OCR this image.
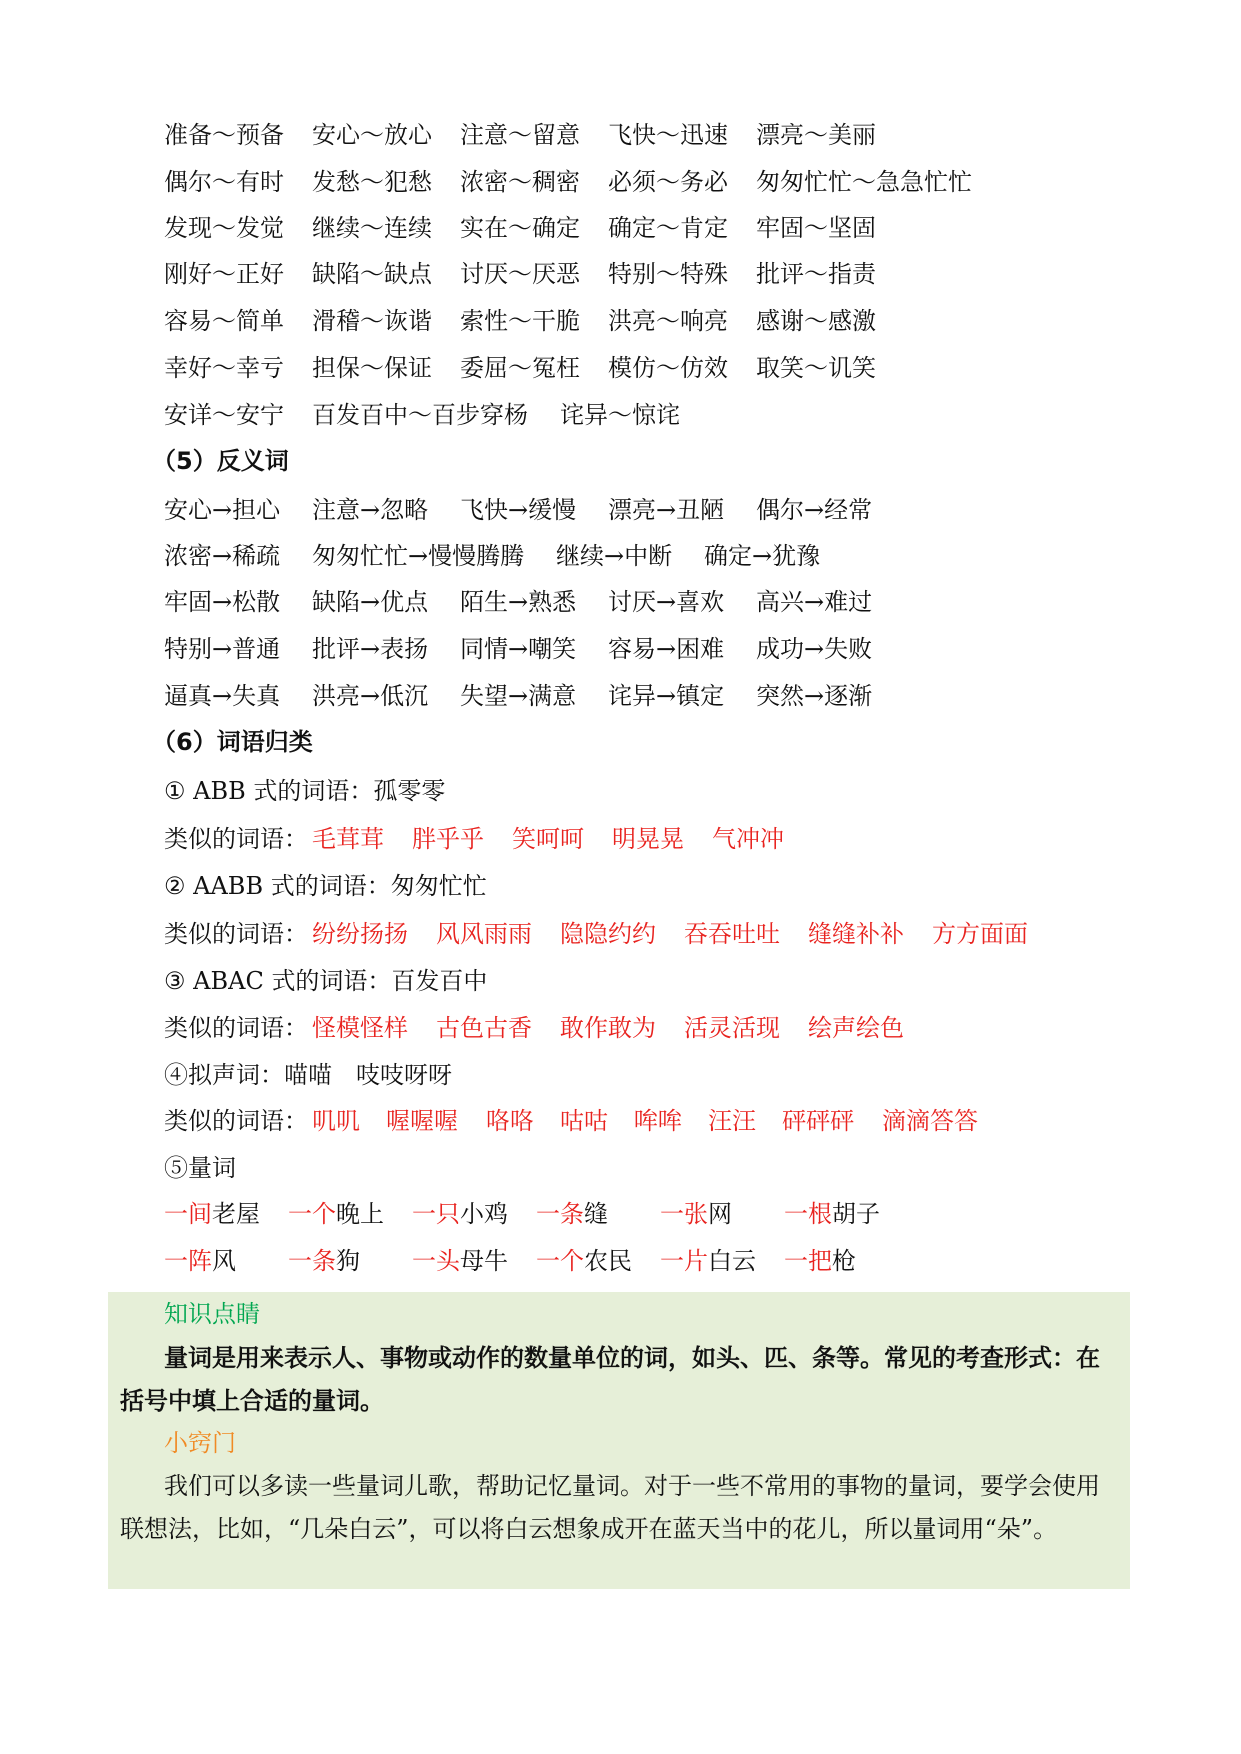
准备～预备 安心～放心 注意～留意 飞快～迅速 漂亮～美丽
偶尔～有时 发愁～犯愁 浓密～稠密 必须～务必 匆匆忙忙～急急忙忙
发现～发觉 继续～连续 实在～确定 确定～肯定 牢固～坚固
刚好～正好 缺陷～缺点 讨厌～厌恶 特别～特殊 批评～指责
容易～简单 滑稽～诙谐 索性～干脆 洪亮～响亮 感谢～感激
幸好～幸亏 担保～保证 委屈～冤枉 模仿～仿效 取笑～讥笑
安详～安宁 百发百中～百步穿杨 诧异～惊诧
（5）反义词
安心→担心 注意→忽略 飞快→缓慢 漂亮→丑陋 偶尔→经常
浓密→稀疏 匆匆忙忙→慢慢腾腾 继续→中断 确定→犹豫
牢固→松散 缺陷→优点 陌生→熟悉 讨厌→喜欢 高兴→难过
特别→普通 批评→表扬 同情→嘲笑 容易→困难 成功→失败
逼真→失真 洪亮→低沉 失望→满意 诧异→镇定 突然→逐渐
（6）词语归类
① ABB 式的词语：孤零零
类似的词语： 毛茸茸 胖乎乎 笑呵呵 明晃晃 气冲冲
② AABB 式的词语：匆匆忙忙
类似的词语： 纷纷扬扬 风风雨雨 隐隐约约 吞吞吐吐 缝缝补补 方方面面
③ ABAC 式的词语：百发百中
类似的词语： 怪模怪样 古色古香 敢作敢为 活灵活现 绘声绘色
④拟声词：喵喵　吱吱呀呀
类似的词语： 叽叽 喔喔喔 咯咯 咕咕 哞哞 汪汪 砰砰砰 滴滴答答
⑤量词
一间老屋 一个晚上 一只小鸡 一条缝 一张网 一根胡子
一阵风 一条狗 一头母牛 一个农民 一片白云 一把枪
知识点睛
量词是用来表示人、事物或动作的数量单位的词，如头、匹、条等。常见的考查形式：在括号中填上合适的量词。
小窍门
我们可以多读一些量词儿歌，帮助记忆量词。对于一些不常用的事物的量词，要学会使用联想法，比如，“几朵白云”，可以将白云想象成开在蓝天当中的花儿，所以量词用“朵”。
